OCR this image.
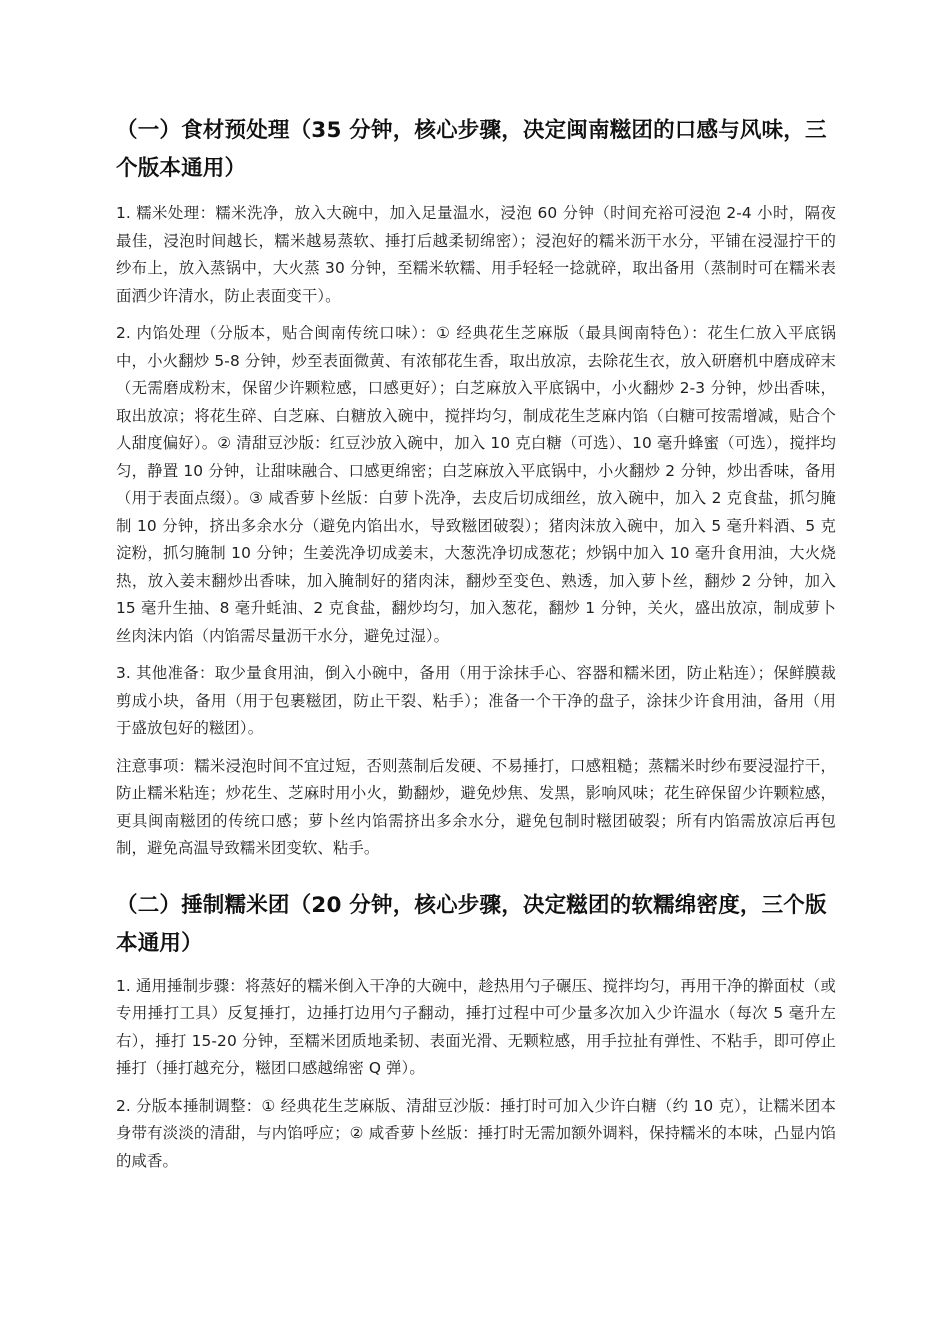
（一）食材预处理（35 分钟，核心步骤，决定闽南糍团的口感与风味，三个版本通用）

1. 糯米处理：糯米洗净，放入大碗中，加入足量温水，浸泡 60 分钟（时间充裕可浸泡 2-4 小时，隔夜最佳，浸泡时间越长，糯米越易蒸软、捶打后越柔韧绵密）；浸泡好的糯米沥干水分，平铺在浸湿拧干的纱布上，放入蒸锅中，大火蒸 30 分钟，至糯米软糯、用手轻轻一捻就碎，取出备用（蒸制时可在糯米表面洒少许清水，防止表面变干）。

2. 内馅处理（分版本，贴合闽南传统口味）：① 经典花生芝麻版（最具闽南特色）：花生仁放入平底锅中，小火翻炒 5-8 分钟，炒至表面微黄、有浓郁花生香，取出放凉，去除花生衣，放入研磨机中磨成碎末（无需磨成粉末，保留少许颗粒感，口感更好）；白芝麻放入平底锅中，小火翻炒 2-3 分钟，炒出香味，取出放凉；将花生碎、白芝麻、白糖放入碗中，搅拌均匀，制成花生芝麻内馅（白糖可按需增减，贴合个人甜度偏好）。② 清甜豆沙版：红豆沙放入碗中，加入 10 克白糖（可选）、10 毫升蜂蜜（可选），搅拌均匀，静置 10 分钟，让甜味融合、口感更绵密；白芝麻放入平底锅中，小火翻炒 2 分钟，炒出香味，备用（用于表面点缀）。③ 咸香萝卜丝版：白萝卜洗净，去皮后切成细丝，放入碗中，加入 2 克食盐，抓匀腌制 10 分钟，挤出多余水分（避免内馅出水，导致糍团破裂）；猪肉沫放入碗中，加入 5 毫升料酒、5 克淀粉，抓匀腌制 10 分钟；生姜洗净切成姜末，大葱洗净切成葱花；炒锅中加入 10 毫升食用油，大火烧热，放入姜末翻炒出香味，加入腌制好的猪肉沫，翻炒至变色、熟透，加入萝卜丝，翻炒 2 分钟，加入 15 毫升生抽、8 毫升蚝油、2 克食盐，翻炒均匀，加入葱花，翻炒 1 分钟，关火，盛出放凉，制成萝卜丝肉沫内馅（内馅需尽量沥干水分，避免过湿）。

3. 其他准备：取少量食用油，倒入小碗中，备用（用于涂抹手心、容器和糯米团，防止粘连）；保鲜膜裁剪成小块，备用（用于包裹糍团，防止干裂、粘手）；准备一个干净的盘子，涂抹少许食用油，备用（用于盛放包好的糍团）。

注意事项：糯米浸泡时间不宜过短，否则蒸制后发硬、不易捶打，口感粗糙；蒸糯米时纱布要浸湿拧干，防止糯米粘连；炒花生、芝麻时用小火，勤翻炒，避免炒焦、发黑，影响风味；花生碎保留少许颗粒感，更具闽南糍团的传统口感；萝卜丝内馅需挤出多余水分，避免包制时糍团破裂；所有内馅需放凉后再包制，避免高温导致糯米团变软、粘手。

（二）捶制糯米团（20 分钟，核心步骤，决定糍团的软糯绵密度，三个版本通用）

1. 通用捶制步骤：将蒸好的糯米倒入干净的大碗中，趁热用勺子碾压、搅拌均匀，再用干净的擀面杖（或专用捶打工具）反复捶打，边捶打边用勺子翻动，捶打过程中可少量多次加入少许温水（每次 5 毫升左右），捶打 15-20 分钟，至糯米团质地柔韧、表面光滑、无颗粒感，用手拉扯有弹性、不粘手，即可停止捶打（捶打越充分，糍团口感越绵密 Q 弹）。

2. 分版本捶制调整：① 经典花生芝麻版、清甜豆沙版：捶打时可加入少许白糖（约 10 克），让糯米团本身带有淡淡的清甜，与内馅呼应；② 咸香萝卜丝版：捶打时无需加额外调料，保持糯米的本味，凸显内馅的咸香。
